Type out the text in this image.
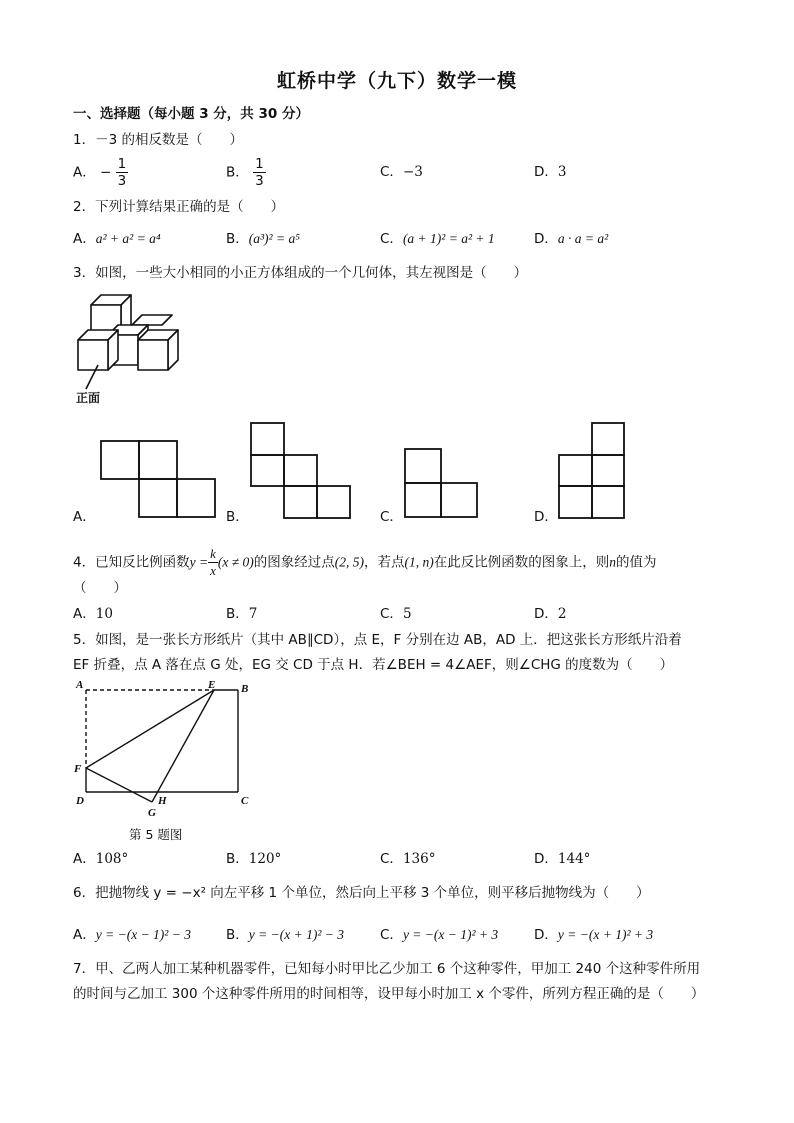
虹桥中学（九下）数学一模
一、选择题（每小题 3 分，共 30 分）
1．－3 的相反数是（　　）
A． − $\frac{1}{3}$	B． $\frac{1}{3}$	C．−3	D．3
2．下列计算结果正确的是（　　）
A．a² + a² = a⁴	B．(a³)² = a⁵	C．(a + 1)² = a² + 1	D．a · a = a²
3．如图，一些大小相同的小正方体组成的一个几何体，其左视图是（　　）
正面
A．	B．	C．	D．
4．已知反比例函数$y = \frac{k}{x} (x \ne 0)$的图象经过点(2, 5)，若点(1, n)在此反比例函数的图象上，则n的值为
（　　）
A．10	B．7	C．5	D．2
5．如图，是一张长方形纸片（其中 AB∥CD），点 E，F 分别在边 AB，AD 上．把这张长方形纸片沿着
EF 折叠，点 A 落在点 G 处，EG 交 CD 于点 H．若∠BEH = 4∠AEF，则∠CHG 的度数为（　　）
A	E B
F
D	H
G
C
第 5 题图
A．108°	B．120°	C．136°	D．144°
6．把抛物线 y = −x² 向左平移 1 个单位，然后向上平移 3 个单位，则平移后抛物线为（　　）
A．y = −(x − 1)² − 3	B．y = −(x + 1)² − 3	C．y = −(x − 1)² + 3	D．y = −(x + 1)² + 3
7．甲、乙两人加工某种机器零件，已知每小时甲比乙少加工 6 个这种零件，甲加工 240 个这种零件所用
的时间与乙加工 300 个这种零件所用的时间相等，设甲每小时加工 x 个零件，所列方程正确的是（　　）
